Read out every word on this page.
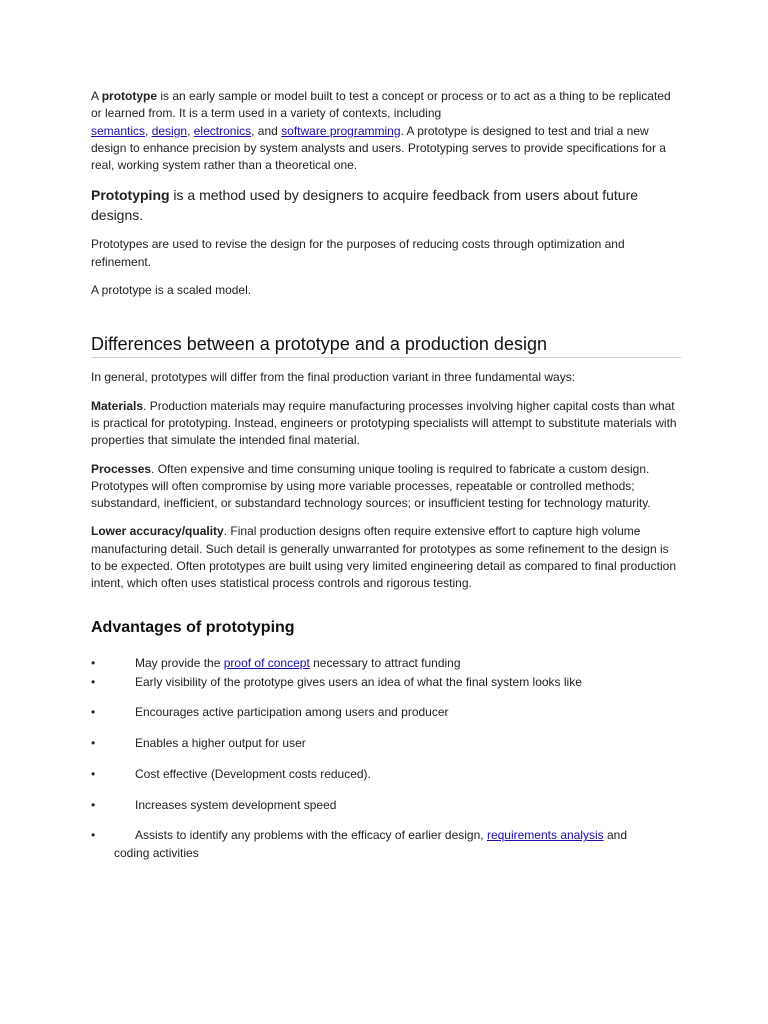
A prototype is an early sample or model built to test a concept or process or to act as a thing to be replicated or learned from. It is a term used in a variety of contexts, including
semantics, design, electronics, and software programming. A prototype is designed to test and trial a new design to enhance precision by system analysts and users. Prototyping serves to provide specifications for a real, working system rather than a theoretical one.

Prototyping is a method used by designers to acquire feedback from users about future designs.

Prototypes are used to revise the design for the purposes of reducing costs through optimization and refinement.

A prototype is a scaled model.

Differences between a prototype and a production design

In general, prototypes will differ from the final production variant in three fundamental ways:

Materials. Production materials may require manufacturing processes involving higher capital costs than what is practical for prototyping. Instead, engineers or prototyping specialists will attempt to substitute materials with properties that simulate the intended final material.

Processes. Often expensive and time consuming unique tooling is required to fabricate a custom design. Prototypes will often compromise by using more variable processes, repeatable or controlled methods; substandard, inefficient, or substandard technology sources; or insufficient testing for technology maturity.

Lower accuracy/quality. Final production designs often require extensive effort to capture high volume manufacturing detail. Such detail is generally unwarranted for prototypes as some refinement to the design is to be expected. Often prototypes are built using very limited engineering detail as compared to final production intent, which often uses statistical process controls and rigorous testing.

Advantages of prototyping
•	May provide the proof of concept necessary to attract funding
•	Early visibility of the prototype gives users an idea of what the final system looks like
•	Encourages active participation among users and producer
•	Enables a higher output for user
•	Cost effective (Development costs reduced).
•	Increases system development speed
•	Assists to identify any problems with the efficacy of earlier design, requirements analysis and
coding activities
